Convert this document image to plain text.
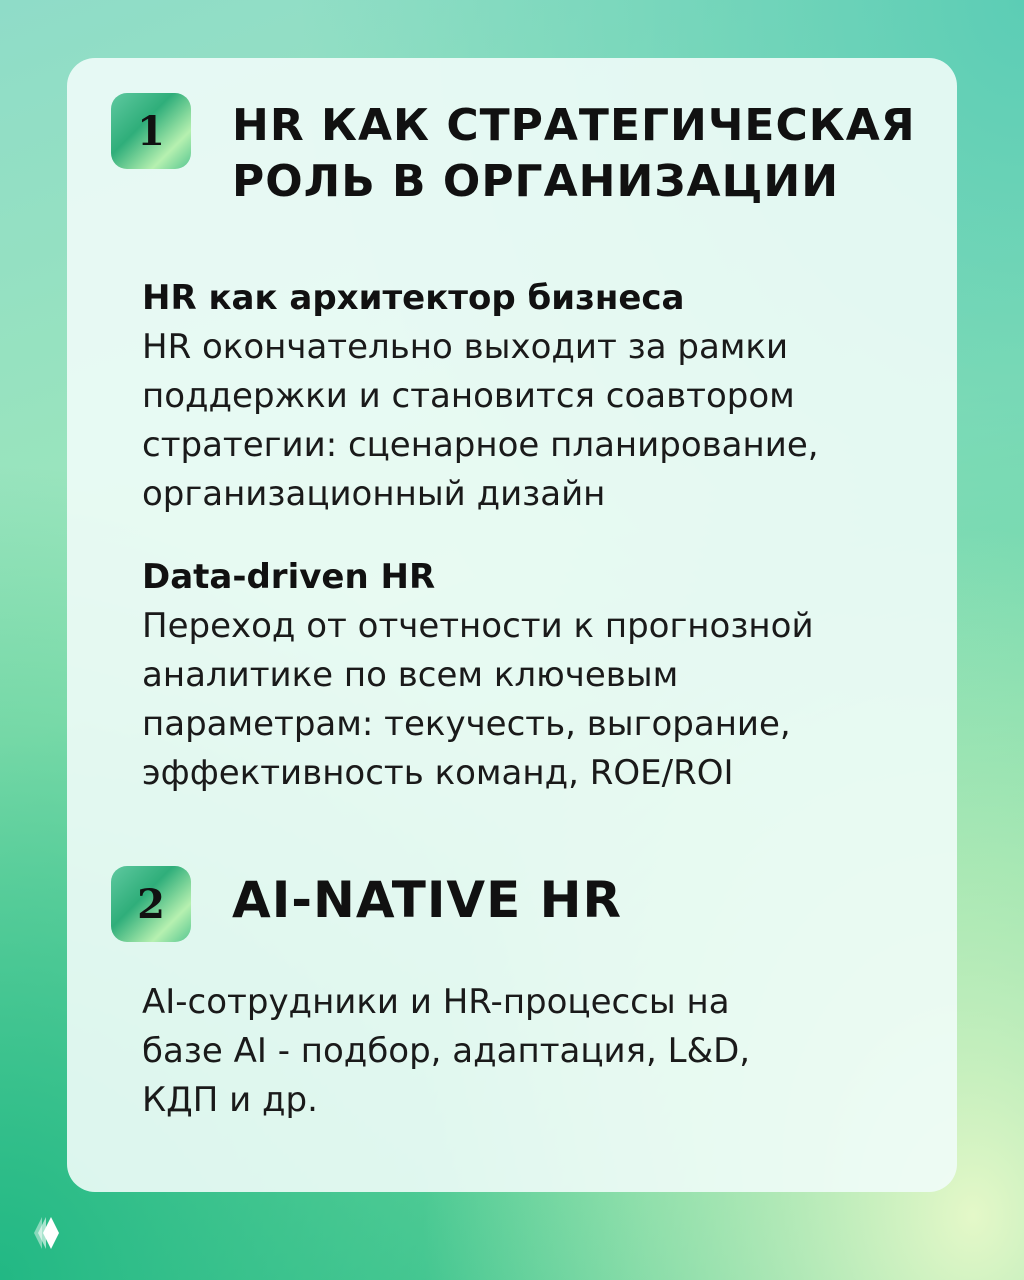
1	HR КАК СТРАТЕГИЧЕСКАЯ
РОЛЬ В ОРГАНИЗАЦИИ
HR как архитектор бизнеса
HR окончательно выходит за рамки
поддержки и становится соавтором
стратегии: сценарное планирование,
организационный дизайн
Data-driven HR
Переход от отчетности к прогнозной
аналитике по всем ключевым
параметрам: текучесть, выгорание,
эффективность команд, ROE/ROI
2	AI-NATIVE HR
AI-сотрудники и HR-процессы на
базе AI - подбор, адаптация, L&D,
КДП и др.
